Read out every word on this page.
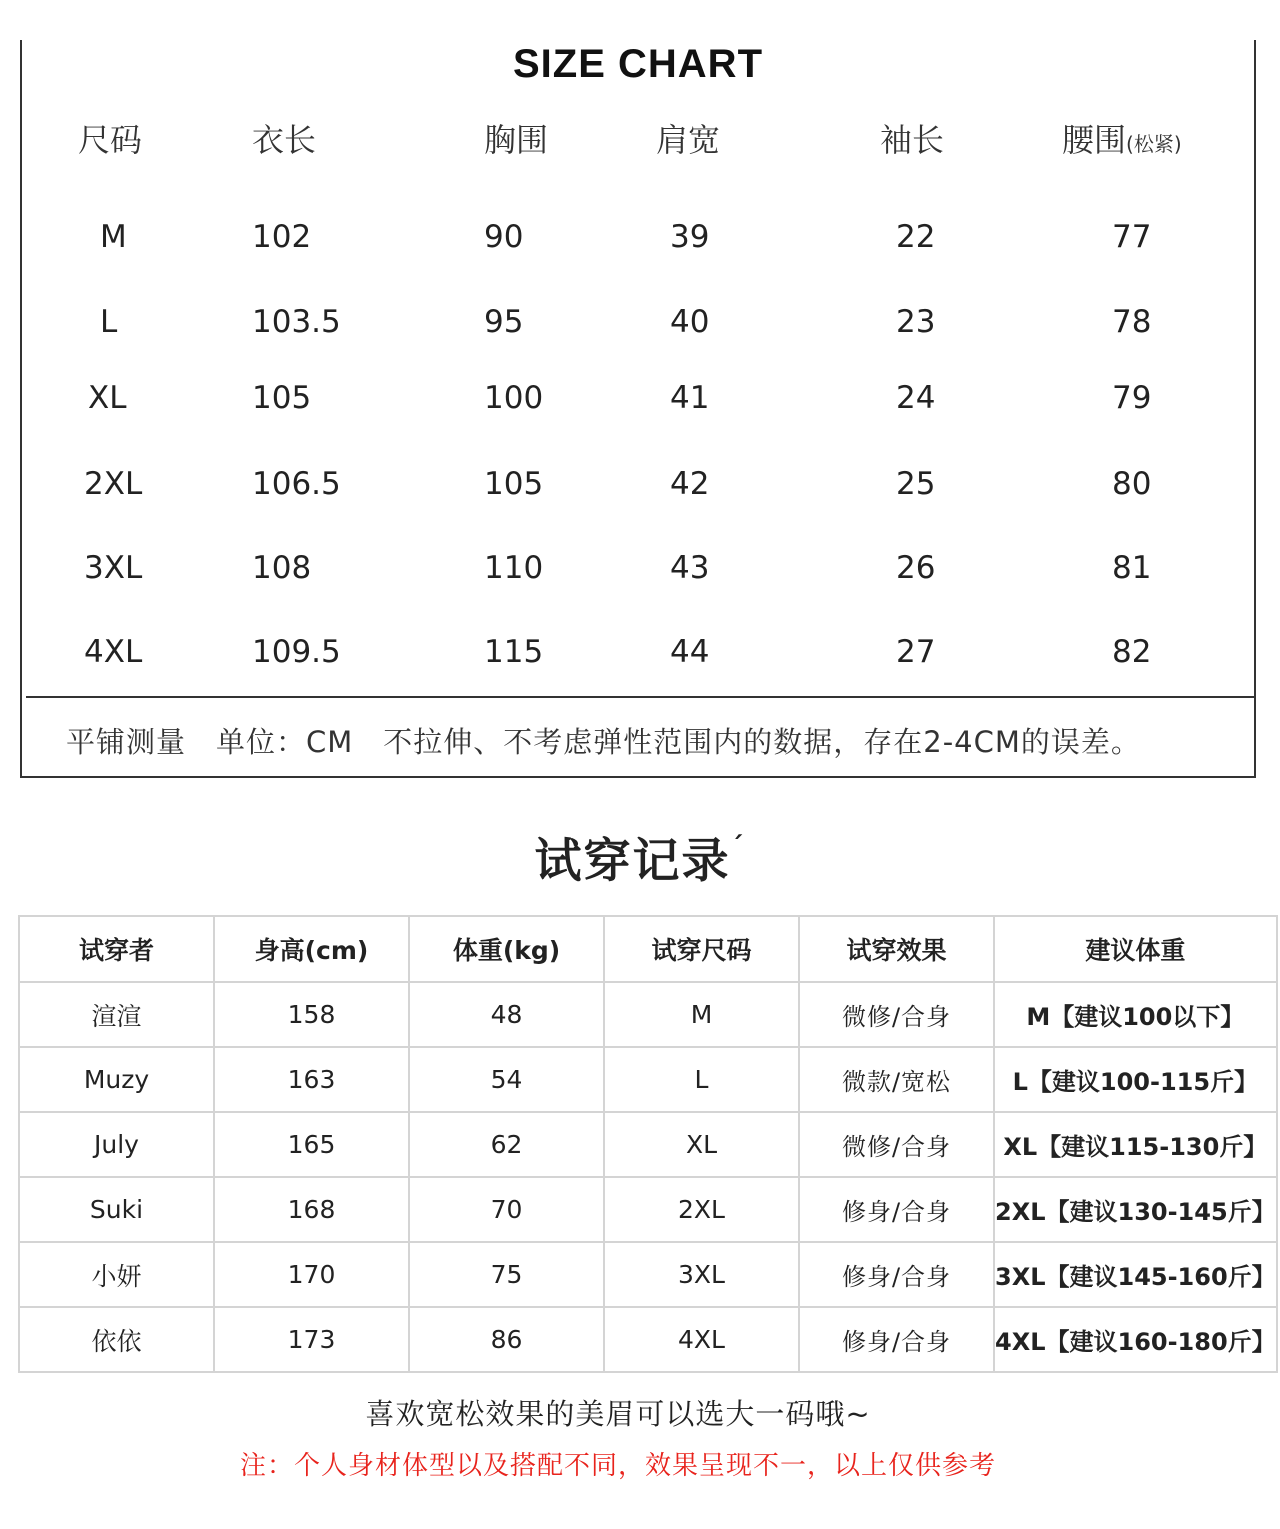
SIZE CHART
尺码	衣长	胸围	肩宽	袖长	腰围(松紧)
M	102	90	39	22	77
L	103.5	95	40	23	78
XL	105	100	41	24	79
2XL	106.5	105	42	25	80
3XL	108	110	43	26	81
4XL	109.5	115	44	27	82
平铺测量　单位：CM　不拉伸、不考虑弹性范围内的数据，存在2-4CM的误差。
试穿记录$^ˊ$
试穿者	身高(cm)	体重(kg)	试穿尺码	试穿效果	建议体重
渲渲	158	48	M	微修/合身	M【建议100以下】
Muzy	163	54	L	微款/宽松	L【建议100-115斤】
July	165	62	XL	微修/合身	XL【建议115-130斤】
Suki	168	70	2XL	修身/合身	2XL【建议130-145斤】
小妍	170	75	3XL	修身/合身	3XL【建议145-160斤】
依依	173	86	4XL	修身/合身	4XL【建议160-180斤】
喜欢宽松效果的美眉可以选大一码哦~
注：个人身材体型以及搭配不同，效果呈现不一，以上仅供参考
